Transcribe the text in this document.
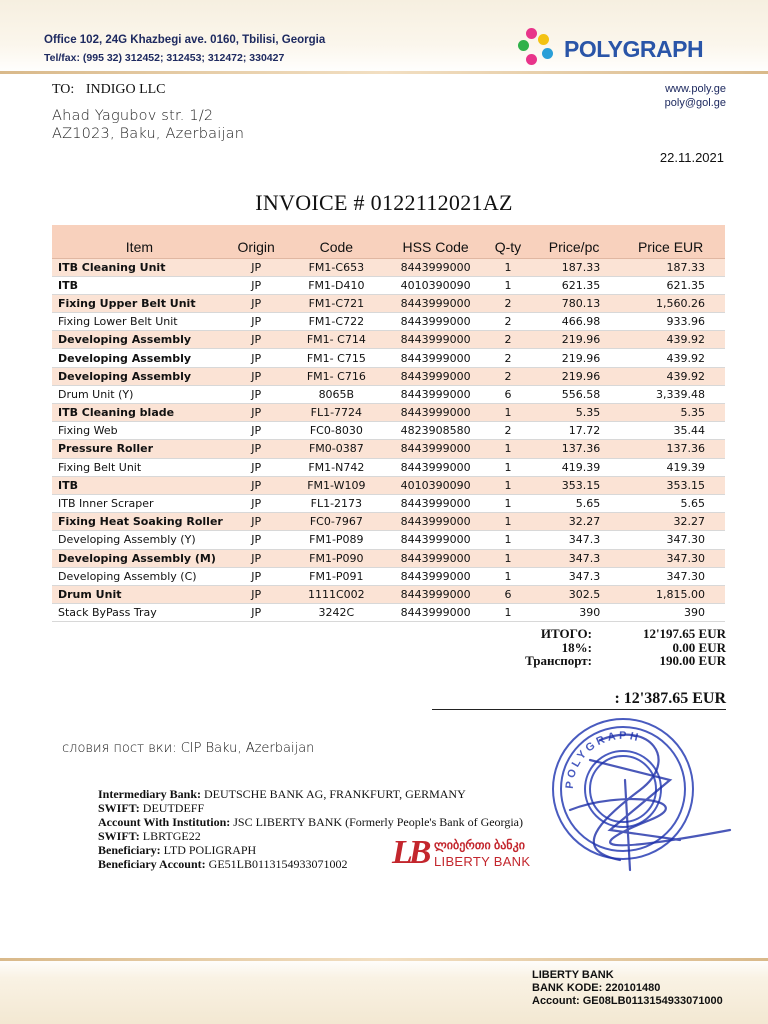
Office 102, 24G Khazbegi ave. 0160, Tbilisi, Georgia
Tel/fax: (995 32) 312452; 312453; 312472; 330427	POLYGRAPH
www.poly.ge
poly@gol.ge
TO: INDIGO LLC
Ahad Yagubov str. 1/2
AZ1023, Baku, Azerbaijan
22.11.2021
INVOICE # 0122112021AZ
Item	Origin	Code	HSS Code	Q-ty	Price/pc	Price EUR
ITB Cleaning Unit	JP	FM1-C653	8443999000	1	187.33	187.33
ITB	JP	FM1-D410	4010390090	1	621.35	621.35
Fixing Upper Belt Unit	JP	FM1-C721	8443999000	2	780.13	1,560.26
Fixing Lower Belt Unit	JP	FM1-C722	8443999000	2	466.98	933.96
Developing Assembly	JP	FM1- C714	8443999000	2	219.96	439.92
Developing Assembly	JP	FM1- C715	8443999000	2	219.96	439.92
Developing Assembly	JP	FM1- C716	8443999000	2	219.96	439.92
Drum Unit (Y)	JP	8065B	8443999000	6	556.58	3,339.48
ITB Cleaning blade	JP	FL1-7724	8443999000	1	5.35	5.35
Fixing Web	JP	FC0-8030	4823908580	2	17.72	35.44
Pressure Roller	JP	FM0-0387	8443999000	1	137.36	137.36
Fixing Belt Unit	JP	FM1-N742	8443999000	1	419.39	419.39
ITB	JP	FM1-W109	4010390090	1	353.15	353.15
ITB Inner Scraper	JP	FL1-2173	8443999000	1	5.65	5.65
Fixing Heat Soaking Roller	JP	FC0-7967	8443999000	1	32.27	32.27
Developing Assembly (Y)	JP	FM1-P089	8443999000	1	347.3	347.30
Developing Assembly (M)	JP	FM1-P090	8443999000	1	347.3	347.30
Developing Assembly (C)	JP	FM1-P091	8443999000	1	347.3	347.30
Drum Unit	JP	1111C002	8443999000	6	302.5	1,815.00
Stack ByPass Tray	JP	3242C	8443999000	1	390	390
ИТОГО:	12'197.65 EUR
18%:	0.00 EUR
Транспорт:	190.00 EUR
: 12'387.65 EUR
словия пост вки: CIP Baku, Azerbaijan
Intermediary Bank: DEUTSCHE BANK AG, FRANKFURT, GERMANY
SWIFT: DEUTDEFF
Account With Institution: JSC LIBERTY BANK (Formerly People's Bank of Georgia)
SWIFT: LBRTGE22
Beneficiary: LTD POLIGRAPH
Beneficiary Account: GE51LB0113154933071002	LB ლიბერთი ბანკი
LIBERTY BANK
POLYGRAPH
LIBERTY BANK
BANK KODE: 220101480
Account: GE08LB0113154933071000
